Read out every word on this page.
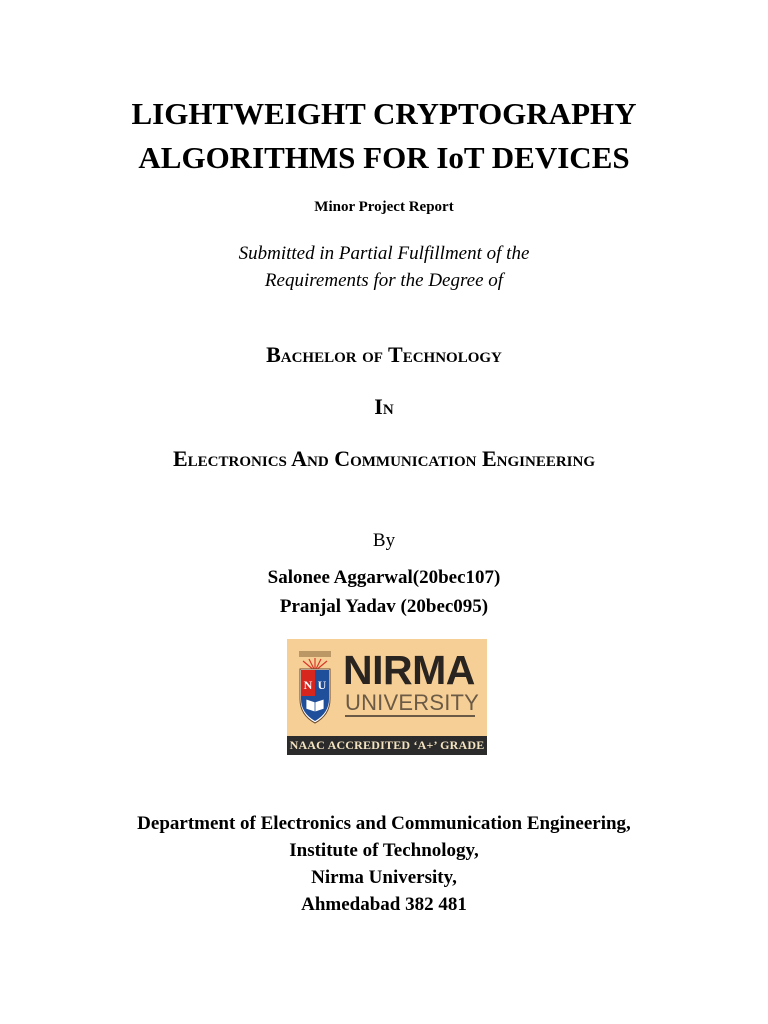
LIGHTWEIGHT CRYPTOGRAPHY
ALGORITHMS FOR IoT DEVICES
Minor Project Report
Submitted in Partial Fulfillment of the
Requirements for the Degree of
Bachelor of Technology
In
Electronics And Communication Engineering
By
Salonee Aggarwal(20bec107)
Pranjal Yadav (20bec095)
N U NIRMA
UNIVERSITY
NAAC ACCREDITED ‘A+’ GRADE
Department of Electronics and Communication Engineering,
Institute of Technology,
Nirma University,
Ahmedabad 382 481
